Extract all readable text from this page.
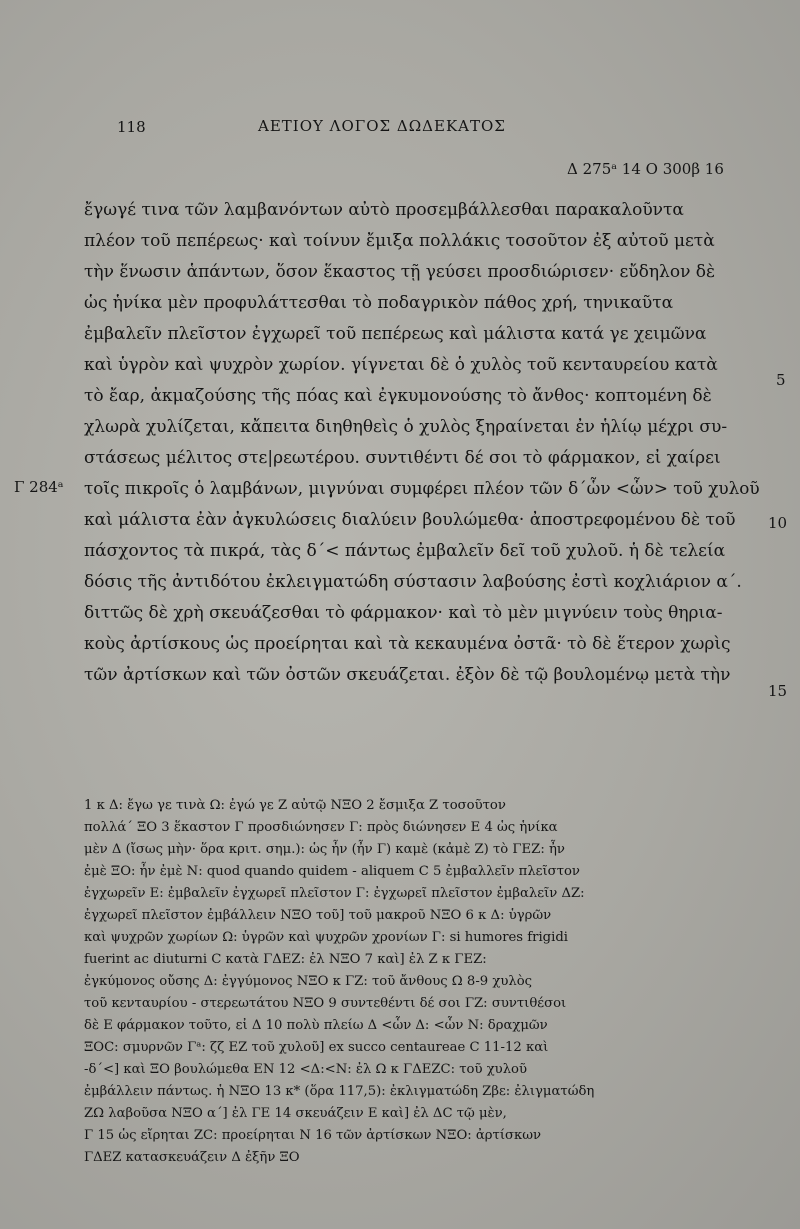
118	ΑΕΤΙΟΥ ΛΟΓΟΣ ΔΩΔΕΚΑΤΟΣ
Δ 275ᵃ 14 Ο 300β 16
ἔγωγέ τινα τῶν λαμβανόντων αὐτὸ προσεμβάλλεσθαι παρακαλοῦντα
πλέον τοῦ πεπέρεως· καὶ τοίνυν ἔμιξα πολλάκις τοσοῦτον ἐξ αὐτοῦ μετὰ
τὴν ἕνωσιν ἁπάντων, ὅσον ἕκαστος τῇ γεύσει προσδιώρισεν· εὔδηλον δὲ
ὡς ἡνίκα μὲν προφυλάττεσθαι τὸ ποδαγρικὸν πάθος χρή, τηνικαῦτα
ἐμβαλεῖν πλεῖστον ἐγχωρεῖ τοῦ πεπέρεως καὶ μάλιστα κατά γε χειμῶνα
καὶ ὑγρὸν καὶ ψυχρὸν χωρίον. γίγνεται δὲ ὁ χυλὸς τοῦ κενταυρείου κατὰ
τὸ ἔαρ, ἀκμαζούσης τῆς πόας καὶ ἐγκυμονούσης τὸ ἄνθος· κοπτομένη δὲ
χλωρὰ χυλίζεται, κἄπειτα διηθηθεὶς ὁ χυλὸς ξηραίνεται ἐν ἡλίῳ μέχρι συ-
στάσεως μέλιτος στε|ρεωτέρου. συντιθέντι δέ σοι τὸ φάρμακον, εἰ χαίρει
τοῖς πικροῖς ὁ λαμβάνων, μιγνύναι συμφέρει πλέον τῶν δ´ὧν <ὧν> τοῦ χυλοῦ
καὶ μάλιστα ἐὰν ἀγκυλώσεις διαλύειν βουλώμεθα· ἀποστρεφομένου δὲ τοῦ
πάσχοντος τὰ πικρά, τὰς δ´< πάντως ἐμβαλεῖν δεῖ τοῦ χυλοῦ. ἡ δὲ τελεία
δόσις τῆς ἀντιδότου ἐκλειγματώδη σύστασιν λαβούσης ἐστὶ κοχλιάριον α´.
διττῶς δὲ χρὴ σκευάζεσθαι τὸ φάρμακον· καὶ τὸ μὲν μιγνύειν τοὺς θηρια-
κοὺς ἀρτίσκους ὡς προείρηται καὶ τὰ κεκαυμένα ὀστᾶ· τὸ δὲ ἕτερον χωρὶς
τῶν ἀρτίσκων καὶ τῶν ὀστῶν σκευάζεται. ἐξὸν δὲ τῷ βουλομένῳ μετὰ τὴν
Γ 284ᵃ
5
10
15
1 κ Δ: ἔγω γε τινὰ Ω: ἐγώ γε Ζ αὐτῷ ΝΞΟ 2 ἔσμιξα Ζ τοσοῦτον
πολλά´ ΞΟ 3 ἕκαστον Γ προσδιώνησεν Γ: πρὸς διώνησεν Ε 4 ὡς ἡνίκα
μὲν Δ (ἴσως μὴν· ὅρα κριτ. σημ.): ὡς ἦν (ἦν Γ) καμὲ (κἀμὲ Ζ) τὸ ΓΕΖ: ἦν
ἐμὲ ΞΟ: ἦν ἐμὲ Ν: quod quando quidem - aliquem C 5 ἐμβαλλεῖν πλεῖστον
ἐγχωρεῖν Ε: ἐμβαλεῖν ἐγχωρεῖ πλεῖστον Γ: ἐγχωρεῖ πλεῖστον ἐμβαλεῖν ΔΖ:
ἐγχωρεῖ πλεῖστον ἐμβάλλειν ΝΞΟ τοῦ] τοῦ μακροῦ ΝΞΟ 6 κ Δ: ὑγρῶν
καὶ ψυχρῶν χωρίων Ω: ὑγρῶν καὶ ψυχρῶν χρονίων Γ: si humores frigidi
fuerint ac diuturni C κατὰ ΓΔΕΖ: ἐλ ΝΞΟ 7 καὶ] ἐλ Ζ κ ΓΕΖ:
ἐγκύμονος οὔσης Δ: ἐγγύμονος ΝΞΟ κ ΓΖ: τοῦ ἄνθους Ω 8-9 χυλὸς
τοῦ κενταυρίου - στερεωτάτου ΝΞΟ 9 συντεθέντι δέ σοι ΓΖ: συντιθέσοι
δὲ Ε φάρμακον τοῦτο, εἰ Δ 10 πολὺ πλείω Δ <ὧν Δ: <ὧν Ν: δραχμῶν
ΞΟC: σμυρνῶν Γᵃ: ζζ ΕΖ τοῦ χυλοῦ] ex succo centaureae C 11-12 καὶ
-δ´<] καὶ ΞΟ βουλώμεθα ΕΝ 12 <Δ:<Ν: ἐλ Ω κ ΓΔΕΖC: τοῦ χυλοῦ
ἐμβάλλειν πάντως. ἡ ΝΞΟ 13 κ* (ὅρα 117,5): ἐκλιγματώδη Ζβε: ἐλιγματώδη
ΖΩ λαβοῦσα ΝΞΟ α´] ἐλ ΓΕ 14 σκευάζειν Ε καὶ] ἐλ ΔC τῷ μὲν,
Γ 15 ὡς εἴρηται ZC: προείρηται Ν 16 τῶν ἀρτίσκων ΝΞΟ: ἀρτίσκων
ΓΔΕΖ κατασκευάζειν Δ ἐξῆν ΞΟ
